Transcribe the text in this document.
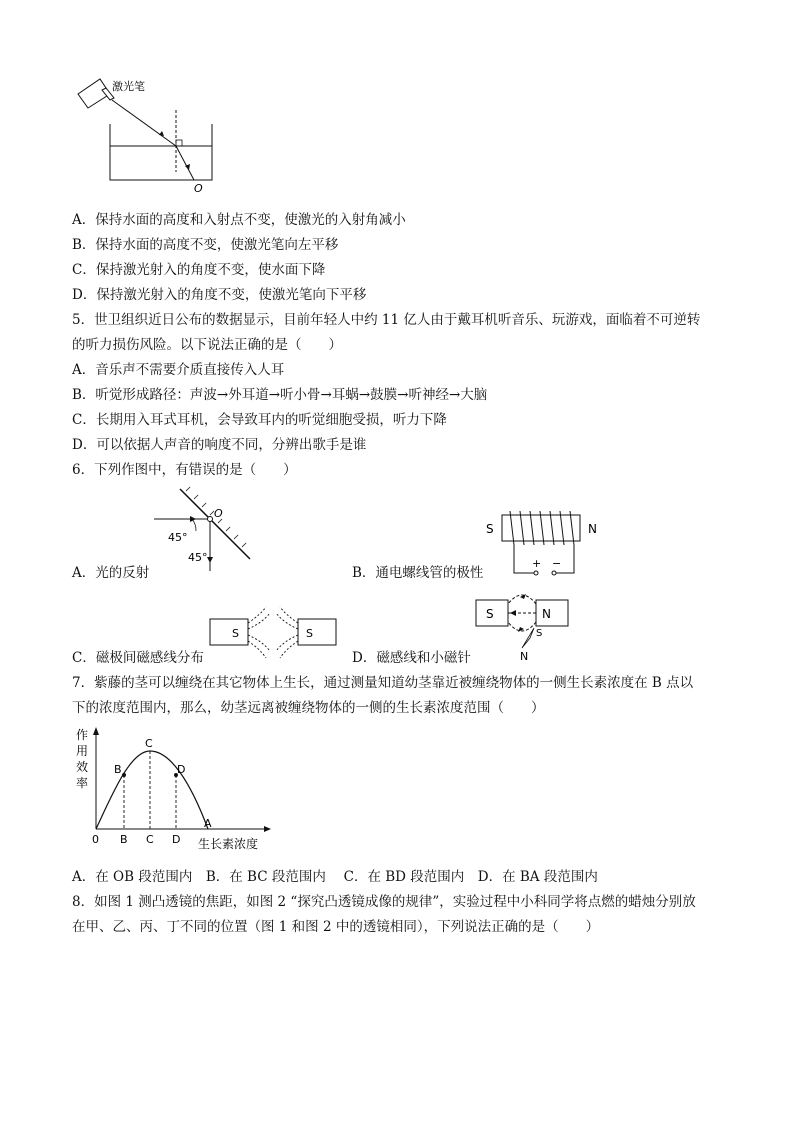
激光笔
O
A．保持水面的高度和入射点不变，使激光的入射角减小
B．保持水面的高度不变，使激光笔向左平移
C．保持激光射入的角度不变，使水面下降
D．保持激光射入的角度不变，使激光笔向下平移
5．世卫组织近日公布的数据显示，目前年轻人中约 11 亿人由于戴耳机听音乐、玩游戏，面临着不可逆转
的听力损伤风险。以下说法正确的是（　　）
A．音乐声不需要介质直接传入人耳
B．听觉形成路径：声波→外耳道→听小骨→耳蜗→鼓膜→听神经→大脑
C．长期用入耳式耳机，会导致耳内的听觉细胞受损，听力下降
D．可以依据人声音的响度不同，分辨出歌手是谁
6．下列作图中，有错误的是（　　）
O
45°
45°
A．光的反射
S	N
+ −
B．通电螺线管的极性
S	S
C．磁极间磁感线分布
S	N
S
N
D．磁感线和小磁针
7．紫藤的茎可以缠绕在其它物体上生长，通过测量知道幼茎靠近被缠绕物体的一侧生长素浓度在 B 点以
下的浓度范围内，那么，幼茎远离被缠绕物体的一侧的生长素浓度范围（　　）
作
用
效
率
B
C
D
A
0 B C D 生长素浓度
A．在 OB 段范围内　B．在 BC 段范围内　 C．在 BD 段范围内　D．在 BA 段范围内
8．如图 1 测凸透镜的焦距，如图 2 “探究凸透镜成像的规律”，实验过程中小科同学将点燃的蜡烛分别放
在甲、乙、丙、丁不同的位置（图 1 和图 2 中的透镜相同），下列说法正确的是（　　）
